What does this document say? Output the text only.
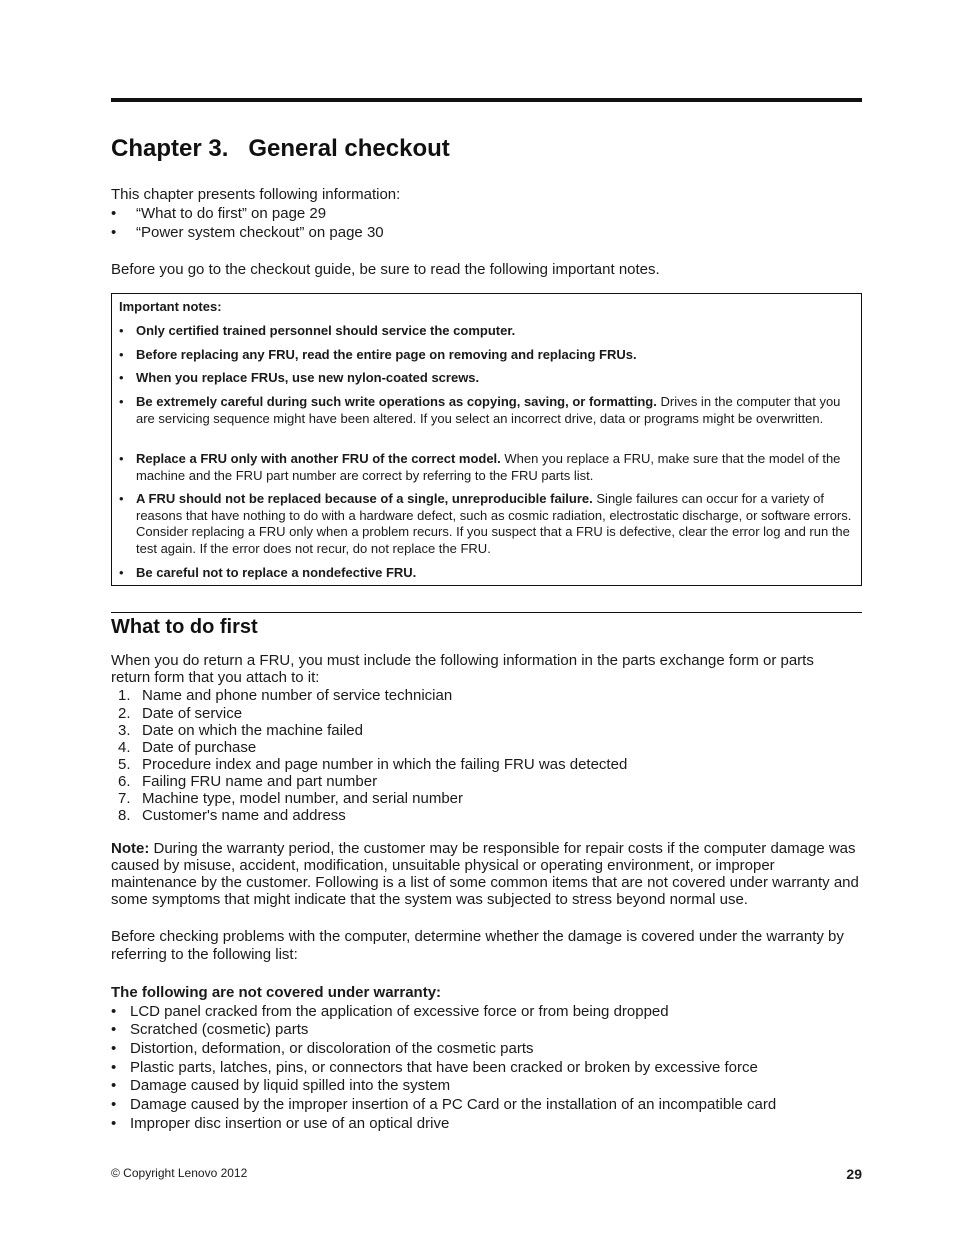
Chapter 3. General checkout
This chapter presents following information:
• “What to do first” on page 29
• “Power system checkout” on page 30
Before you go to the checkout guide, be sure to read the following important notes.
Important notes:
• Only certified trained personnel should service the computer.
• Before replacing any FRU, read the entire page on removing and replacing FRUs.
• When you replace FRUs, use new nylon-coated screws.
• Be extremely careful during such write operations as copying, saving, or formatting. Drives in the computer that you are servicing sequence might have been altered. If you select an incorrect drive, data or programs might be overwritten.
• Replace a FRU only with another FRU of the correct model. When you replace a FRU, make sure that the model of the machine and the FRU part number are correct by referring to the FRU parts list.
• A FRU should not be replaced because of a single, unreproducible failure. Single failures can occur for a variety of reasons that have nothing to do with a hardware defect, such as cosmic radiation, electrostatic discharge, or software errors. Consider replacing a FRU only when a problem recurs. If you suspect that a FRU is defective, clear the error log and run the test again. If the error does not recur, do not replace the FRU.
• Be careful not to replace a nondefective FRU.
What to do first
When you do return a FRU, you must include the following information in the parts exchange form or parts return form that you attach to it:
1. Name and phone number of service technician
2. Date of service
3. Date on which the machine failed
4. Date of purchase
5. Procedure index and page number in which the failing FRU was detected
6. Failing FRU name and part number
7. Machine type, model number, and serial number
8. Customer's name and address
Note: During the warranty period, the customer may be responsible for repair costs if the computer damage was caused by misuse, accident, modification, unsuitable physical or operating environment, or improper maintenance by the customer. Following is a list of some common items that are not covered under warranty and some symptoms that might indicate that the system was subjected to stress beyond normal use.
Before checking problems with the computer, determine whether the damage is covered under the warranty by referring to the following list:
The following are not covered under warranty:
• LCD panel cracked from the application of excessive force or from being dropped
• Scratched (cosmetic) parts
• Distortion, deformation, or discoloration of the cosmetic parts
• Plastic parts, latches, pins, or connectors that have been cracked or broken by excessive force
• Damage caused by liquid spilled into the system
• Damage caused by the improper insertion of a PC Card or the installation of an incompatible card
• Improper disc insertion or use of an optical drive
© Copyright Lenovo 2012	29
